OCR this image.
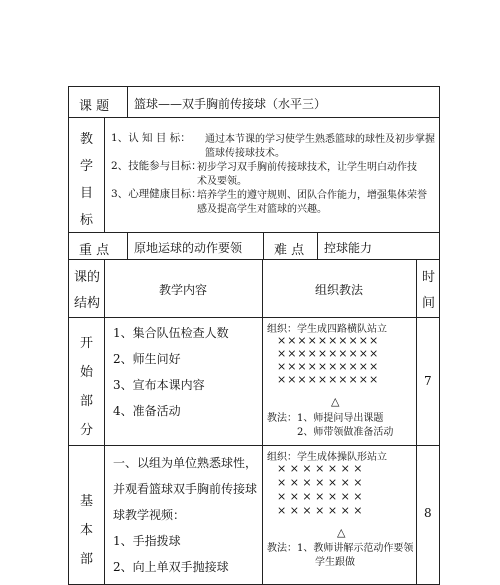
课 题 篮球——双手胸前传接球（水平三）
教
学
目
标
1、认 知 目 标： 通过本节课的学习使学生熟悉篮球的球性及初步掌握
篮球传接球技术。
2、技能参与目标：
初步学习双手胸前传接球技术，让学生明白动作技
术及要领。
3、心理健康目标：
培养学生的遵守规则、团队合作能力，增强集体荣誉
感及提高学生对篮球的兴趣。
重 点 原地运球的动作要领 难 点 控球能力
课的
结构
教学内容	组织教法
时
间
开
始
部
分
1、集合队伍检查人数
2、师生问好
3、宣布本课内容
4、准备活动
组织：学生成四路横队站立
××××××××××
××××××××××
××××××××××
××××××××××
△
教法：1、师提问导出课题
2、师带领做准备活动
7
基
本
部
一、以组为单位熟悉球性，
并观看篮球双手胸前传接球
球教学视频：
1、手指拨球
2、向上单双手抛接球
组织：学生成体操队形站立
× × × × × × ×
× × × × × × ×
× × × × × × ×
× × × × × × ×
△
教法：1、教师讲解示范动作要领
学生跟做
8
